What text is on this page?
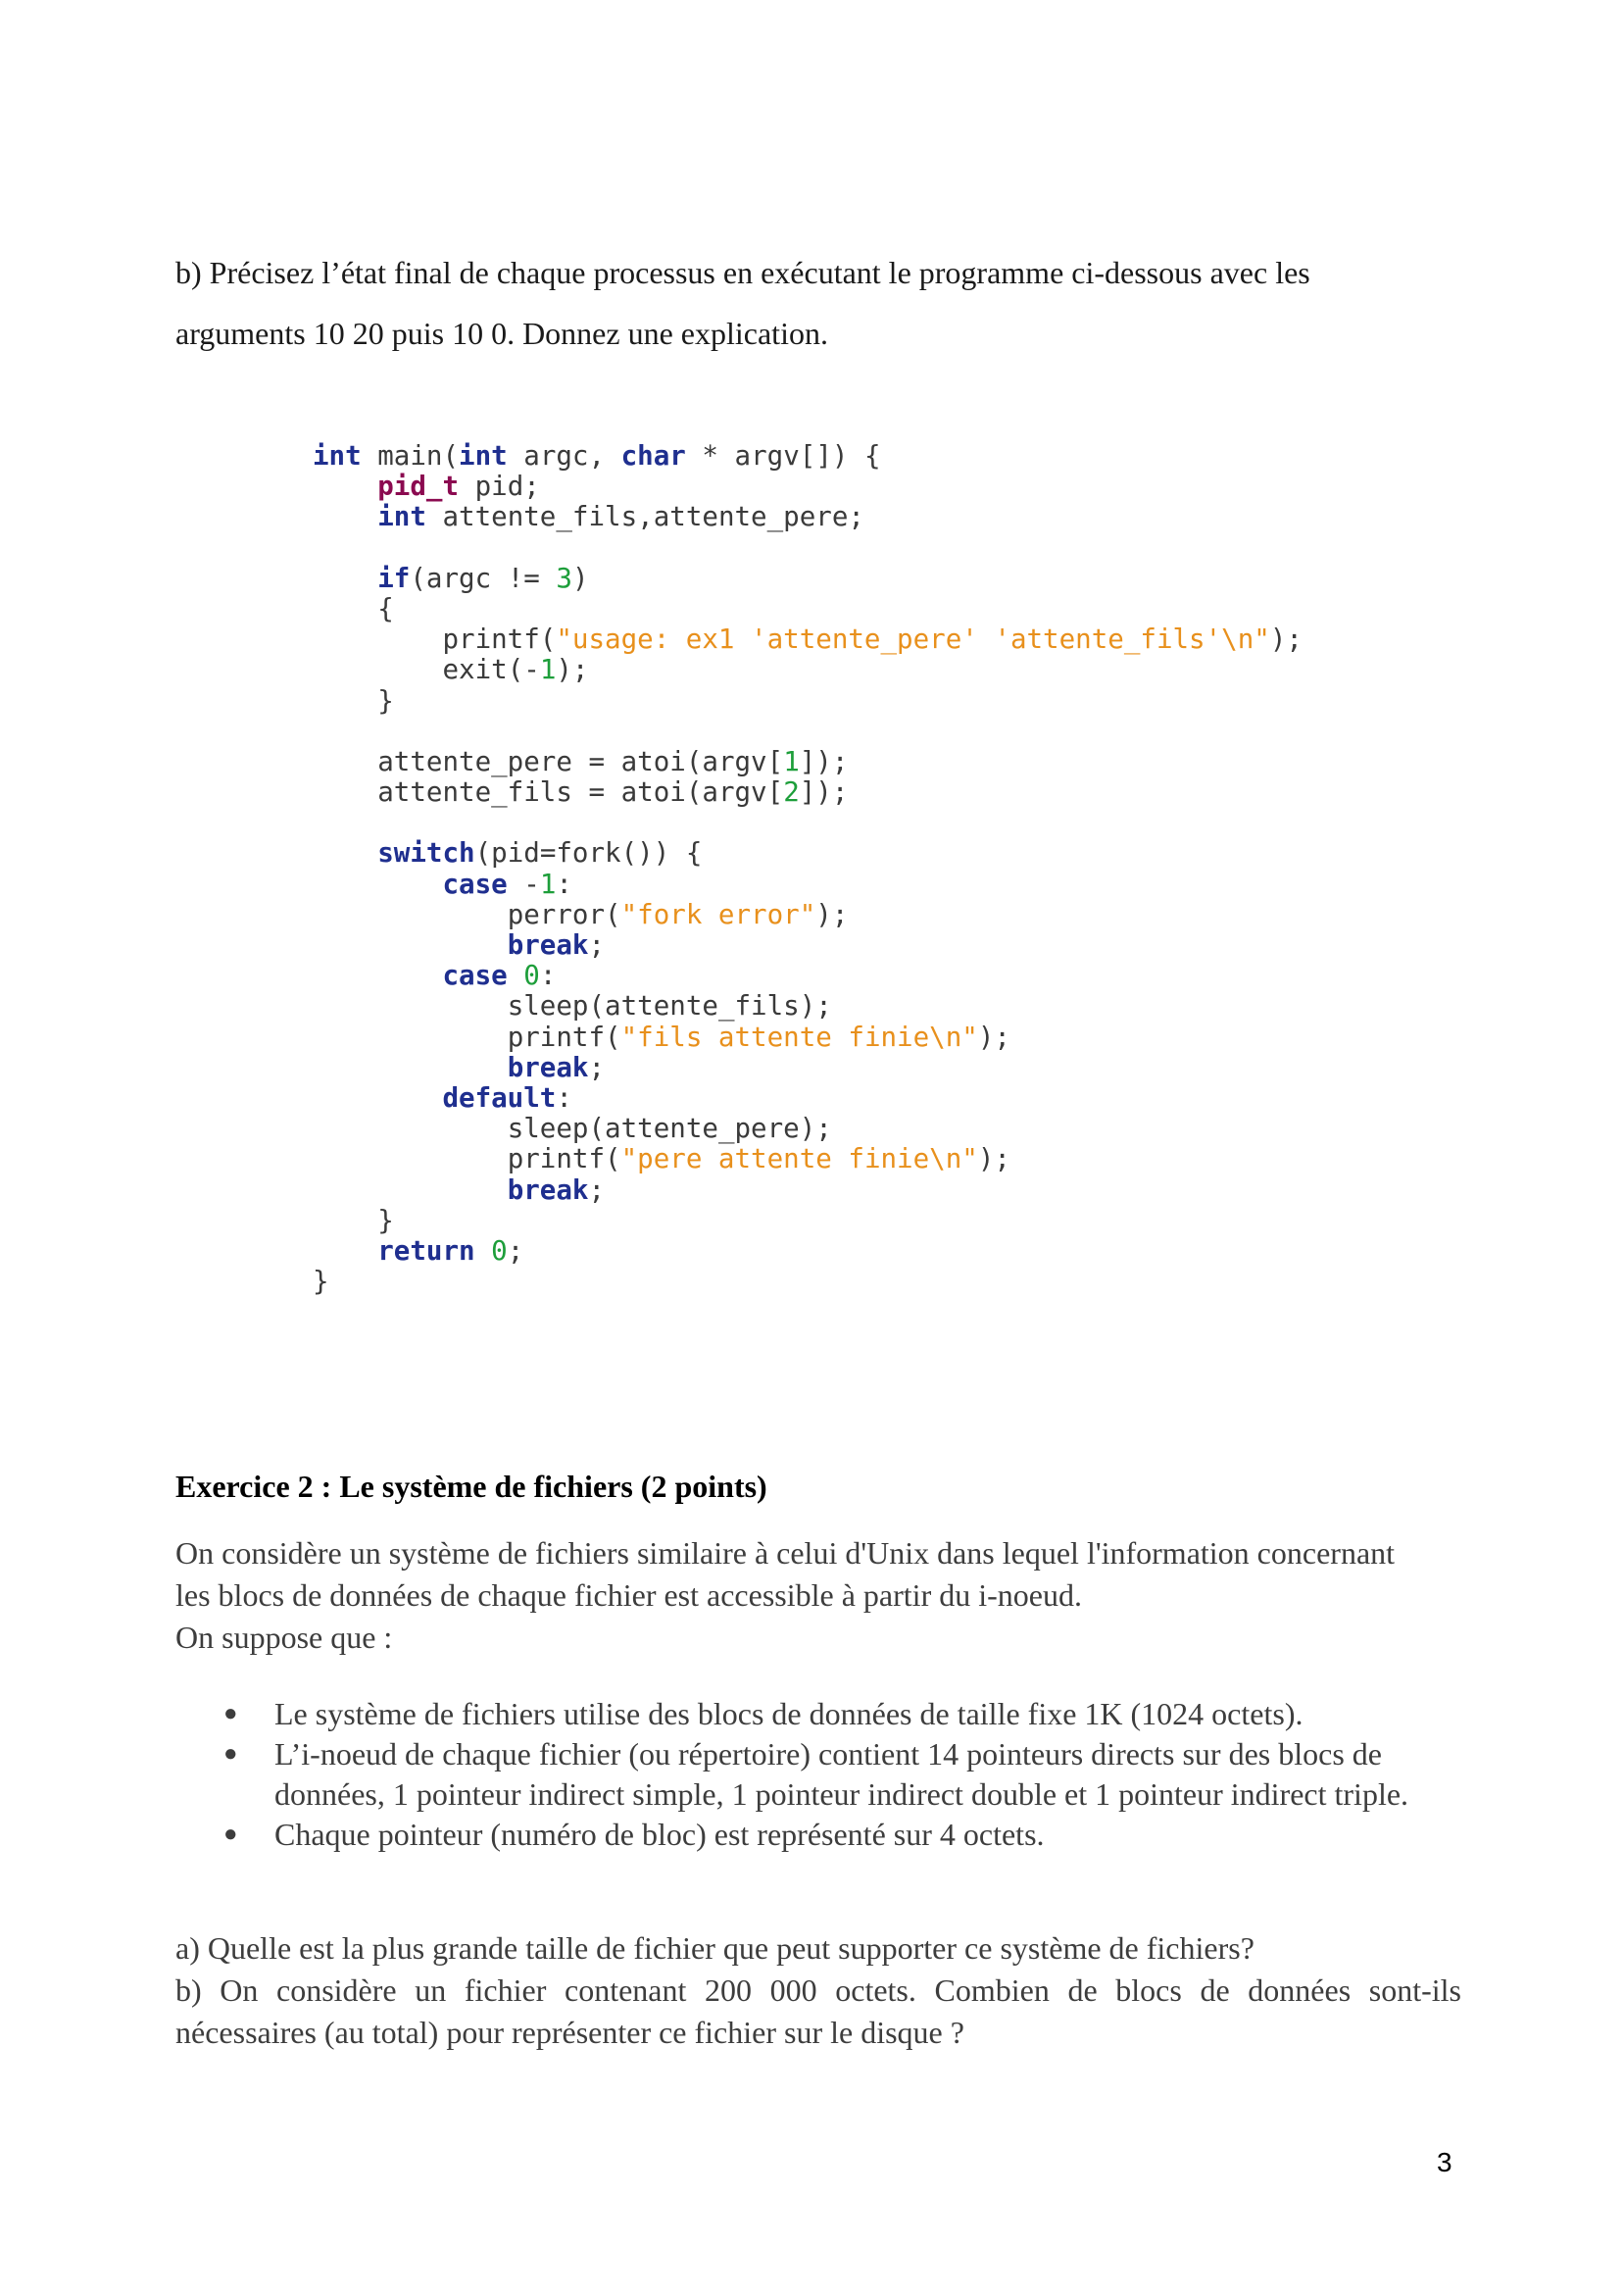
b) Précisez l’état final de chaque processus en exécutant le programme ci-dessous avec les
arguments 10 20 puis 10 0. Donnez une explication.
int main(int argc, char * argv[]) {
pid_t pid;
int attente_fils,attente_pere;

if(argc != 3)
{
printf("usage: ex1 'attente_pere' 'attente_fils'\n");
exit(-1);
}

attente_pere = atoi(argv[1]);
attente_fils = atoi(argv[2]);

switch(pid=fork()) {
case -1:
perror("fork error");
break;
case 0:
sleep(attente_fils);
printf("fils attente finie\n");
break;
default:
sleep(attente_pere);
printf("pere attente finie\n");
break;
}
return 0;
}
Exercice 2 : Le système de fichiers (2 points)
On considère un système de fichiers similaire à celui d'Unix dans lequel l'information concernant
les blocs de données de chaque fichier est accessible à partir du i-noeud.
On suppose que :
● Le système de fichiers utilise des blocs de données de taille fixe 1K (1024 octets).
● L’i-noeud de chaque fichier (ou répertoire) contient 14 pointeurs directs sur des blocs de données, 1 pointeur indirect simple, 1 pointeur indirect double et 1 pointeur indirect triple.
● Chaque pointeur (numéro de bloc) est représenté sur 4 octets.
a) Quelle est la plus grande taille de fichier que peut supporter ce système de fichiers?
b) On considère un fichier contenant 200 000 octets. Combien de blocs de données sont-ils nécessaires (au total) pour représenter ce fichier sur le disque ?
3
